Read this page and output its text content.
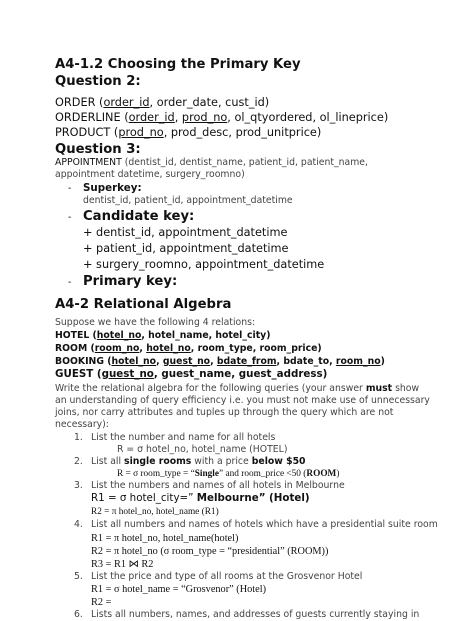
A4-1.2 Choosing the Primary Key
Question 2:
ORDER (order_id, order_date, cust_id)
ORDERLINE (order_id, prod_no, ol_qtyordered, ol_lineprice)
PRODUCT (prod_no, prod_desc, prod_unitprice)
Question 3:
APPOINTMENT (dentist_id, dentist_name, patient_id, patient_name,
appointment datetime, surgery_roomno)
- Superkey:
dentist_id, patient_id, appointment_datetime
- Candidate key:
+ dentist_id, appointment_datetime
+ patient_id, appointment_datetime
+ surgery_roomno, appointment_datetime
- Primary key:
A4-2 Relational Algebra
Suppose we have the following 4 relations:
HOTEL (hotel_no, hotel_name, hotel_city)
ROOM (room_no, hotel_no, room_type, room_price)
BOOKING (hotel_no, guest_no, bdate_from, bdate_to, room_no)
GUEST (guest_no, guest_name, guest_address)
Write the relational algebra for the following queries (your answer must show
an understanding of query efficiency i.e. you must not make use of unnecessary
joins, nor carry attributes and tuples up through the query which are not
necessary):
1. List the number and name for all hotels
R = σ hotel_no, hotel_name (HOTEL)
2. List all single rooms with a price below $50
R = σ room_type = “Single” and room_price <50 (ROOM)
3. List the numbers and names of all hotels in Melbourne
R1 = σ hotel_city=” Melbourne” (Hotel)
R2 = π hotel_no, hotel_name (R1)
4. List all numbers and names of hotels which have a presidential suite room
R1 = π hotel_no, hotel_name(hotel)
R2 = π hotel_no (σ room_type = “presidential” (ROOM))
R3 = R1 ⋈ R2
5. List the price and type of all rooms at the Grosvenor Hotel
R1 = σ hotel_name = “Grosvenor” (Hotel)
R2 =
6. Lists all numbers, names, and addresses of guests currently staying in
